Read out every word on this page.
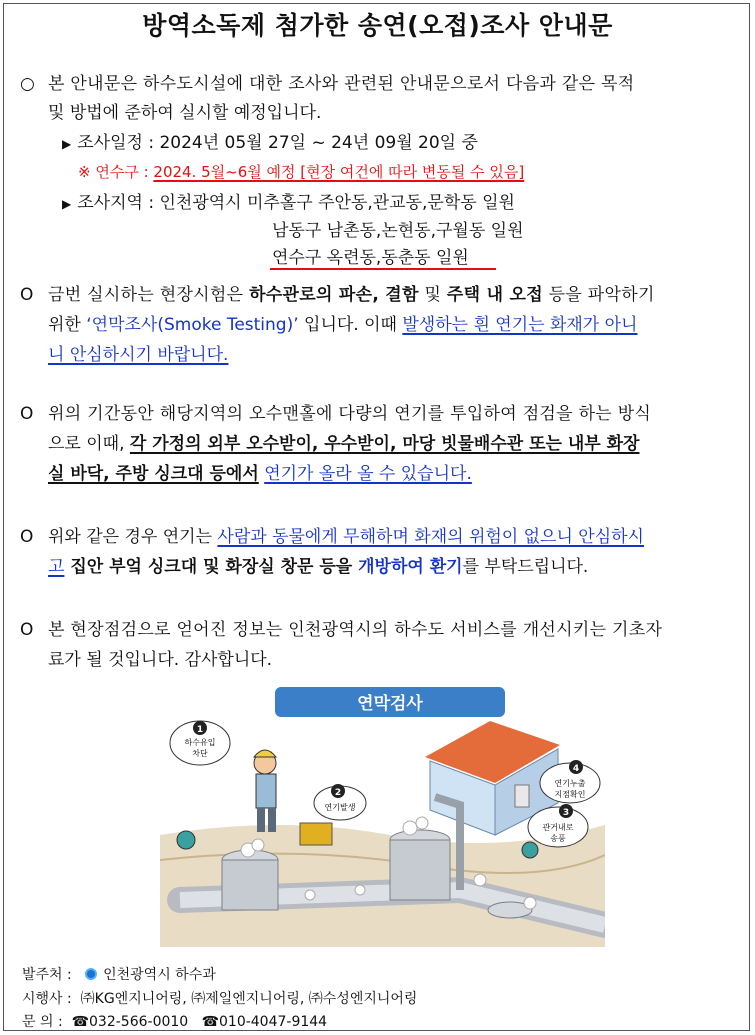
방역소독제 첨가한 송연(오접)조사 안내문
○ 본 안내문은 하수도시설에 대한 조사와 관련된 안내문으로서 다음과 같은 목적
및 방법에 준하여 실시할 예정입니다.
▶ 조사일정 : 2024년 05월 27일 ~ 24년 09월 20일 중
※ 연수구 : 2024. 5월~6월 예정 [현장 여건에 따라 변동될 수 있음]
▶ 조사지역 : 인천광역시 미추홀구 주안동,관교동,문학동 일원
남동구 남촌동,논현동,구월동 일원
연수구 옥련동,동춘동 일원
O 금번 실시하는 현장시험은 하수관로의 파손, 결함 및 주택 내 오접 등을 파악하기
위한 ‘연막조사(Smoke Testing)’ 입니다. 이때 발생하는 흰 연기는 화재가 아니
니 안심하시기 바랍니다.
O 위의 기간동안 해당지역의 오수맨홀에 다량의 연기를 투입하여 점검을 하는 방식
으로 이때, 각 가정의 외부 오수받이, 우수받이, 마당 빗물배수관 또는 내부 화장
실 바닥, 주방 싱크대 등에서 연기가 올라 올 수 있습니다.
O 위와 같은 경우 연기는 사람과 동물에게 무해하며 화재의 위험이 없으니 안심하시
고 집안 부엌 싱크대 및 화장실 창문 등을 개방하여 환기를 부탁드립니다.
O 본 현장점검으로 얻어진 정보는 인천광역시의 하수도 서비스를 개선시키는 기초자
료가 될 것입니다. 감사합니다.
연막검사
1
하수유입
차단
2
연기발생
3
관거내로
송풍
4
연기누출
지점확인
발주처 : 인천광역시 하수과
시행사 : ㈜KG엔지니어링, ㈜제일엔지니어링, ㈜수성엔지니어링
문 의 : ☎032-566-0010 ☎010-4047-9144
